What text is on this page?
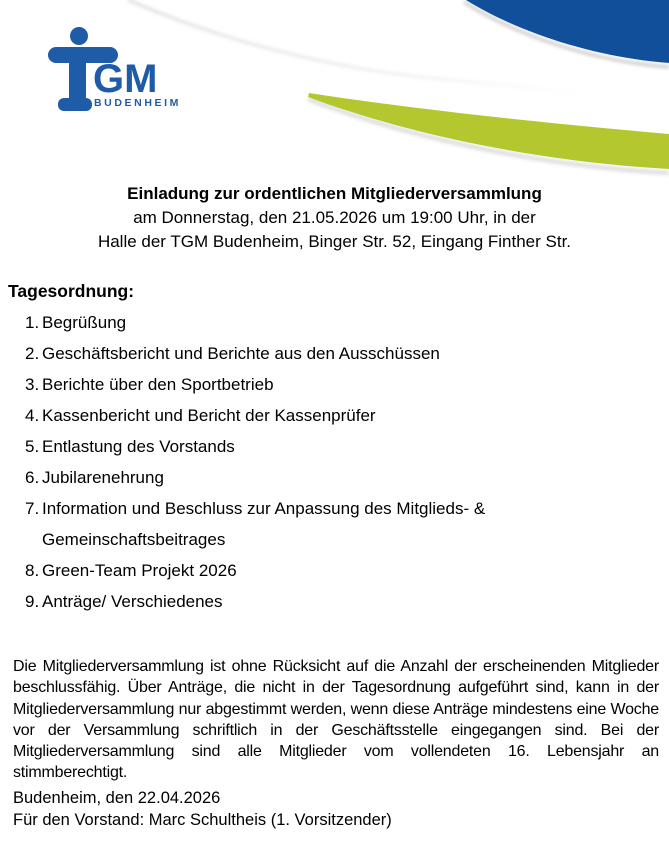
GM
BUDENHEIM
Einladung zur ordentlichen Mitgliederversammlung
am Donnerstag, den 21.05.2026 um 19:00 Uhr, in der
Halle der TGM Budenheim, Binger Str. 52, Eingang Finther Str.
Tagesordnung:
1. Begrüßung
2. Geschäftsbericht und Berichte aus den Ausschüssen
3. Berichte über den Sportbetrieb
4. Kassenbericht und Bericht der Kassenprüfer
5. Entlastung des Vorstands
6. Jubilarenehrung
7. Information und Beschluss zur Anpassung des Mitglieds- & Gemeinschaftsbeitrages
8. Green-Team Projekt 2026
9. Anträge/ Verschiedenes

Die Mitgliederversammlung ist ohne Rücksicht auf die Anzahl der erscheinenden Mitglieder beschlussfähig. Über Anträge, die nicht in der Tagesordnung aufgeführt sind, kann in der Mitgliederversammlung nur abgestimmt werden, wenn diese Anträge mindestens eine Woche vor der Versammlung schriftlich in der Geschäftsstelle eingegangen sind. Bei der Mitgliederversammlung sind alle Mitglieder vom vollendeten 16. Lebensjahr an stimmberechtigt.

Budenheim, den 22.04.2026
Für den Vorstand: Marc Schultheis (1. Vorsitzender)
